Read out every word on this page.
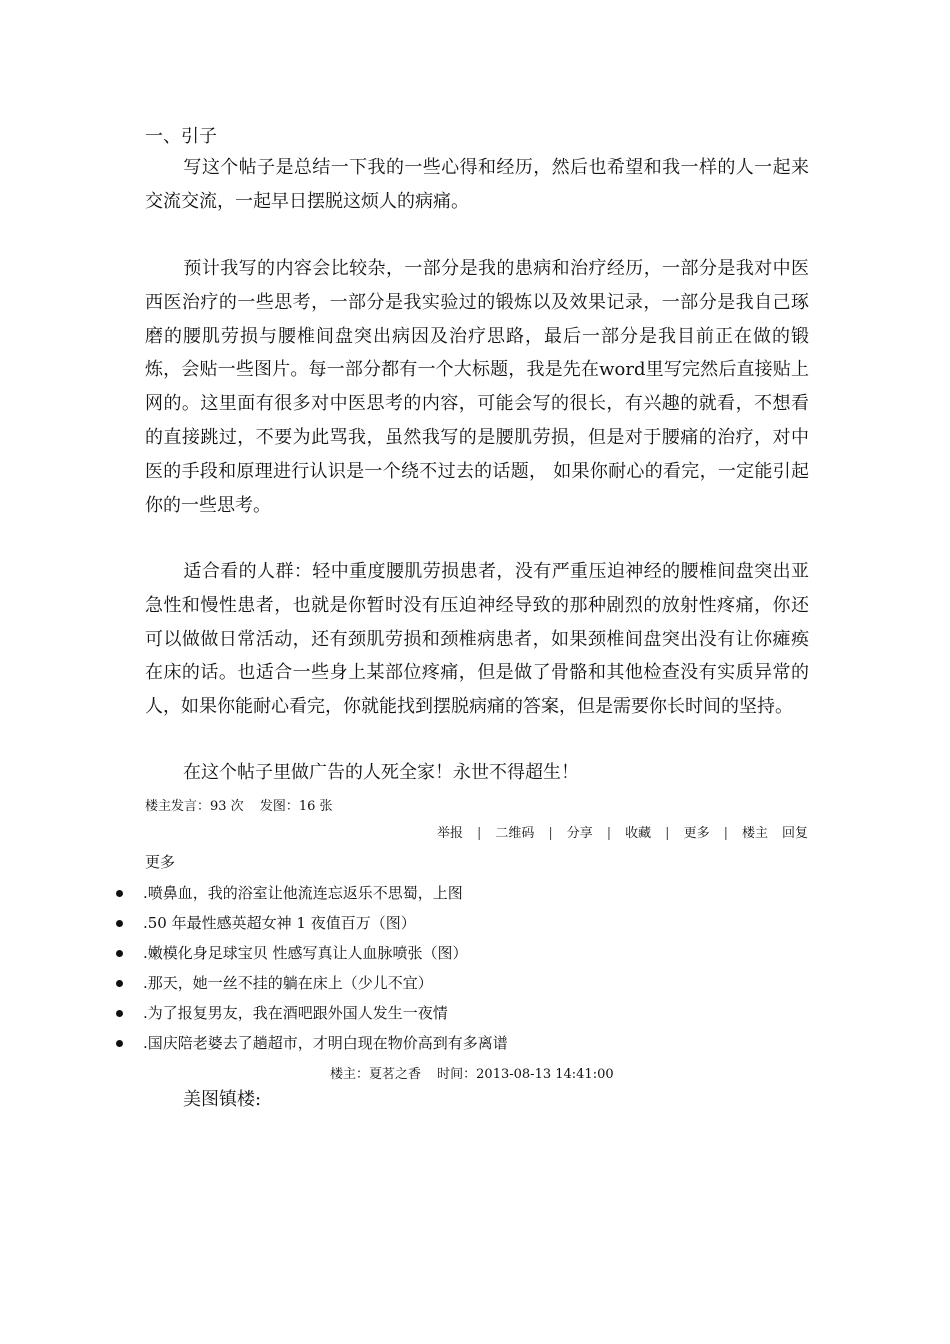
一、引子
写这个帖子是总结一下我的一些心得和经历，然后也希望和我一样的人一起来交流交流，一起早日摆脱这烦人的病痛。
预计我写的内容会比较杂，一部分是我的患病和治疗经历，一部分是我对中医西医治疗的一些思考，一部分是我实验过的锻炼以及效果记录，一部分是我自己琢磨的腰肌劳损与腰椎间盘突出病因及治疗思路，最后一部分是我目前正在做的锻炼，会贴一些图片。每一部分都有一个大标题，我是先在word里写完然后直接贴上网的。这里面有很多对中医思考的内容，可能会写的很长，有兴趣的就看，不想看的直接跳过，不要为此骂我，虽然我写的是腰肌劳损，但是对于腰痛的治疗，对中医的手段和原理进行认识是一个绕不过去的话题， 如果你耐心的看完，一定能引起你的一些思考。
适合看的人群：轻中重度腰肌劳损患者，没有严重压迫神经的腰椎间盘突出亚急性和慢性患者，也就是你暂时没有压迫神经导致的那种剧烈的放射性疼痛，你还可以做做日常活动，还有颈肌劳损和颈椎病患者，如果颈椎间盘突出没有让你瘫痪在床的话。也适合一些身上某部位疼痛，但是做了骨骼和其他检查没有实质异常的人，如果你能耐心看完，你就能找到摆脱病痛的答案，但是需要你长时间的坚持。
在这个帖子里做广告的人死全家！永世不得超生！
楼主发言：93 次 发图：16 张
举报 | 二维码 | 分享 | 收藏 | 更多 | 楼主 回复
更多
.喷鼻血，我的浴室让他流连忘返乐不思蜀，上图
.50 年最性感英超女神 1 夜值百万（图）
.嫩模化身足球宝贝 性感写真让人血脉喷张（图）
.那天，她一丝不挂的躺在床上（少儿不宜）
.为了报复男友，我在酒吧跟外国人发生一夜情
.国庆陪老婆去了趟超市，才明白现在物价高到有多离谱
楼主：夏茗之香 时间：2013-08-13 14:41:00
美图镇楼:
